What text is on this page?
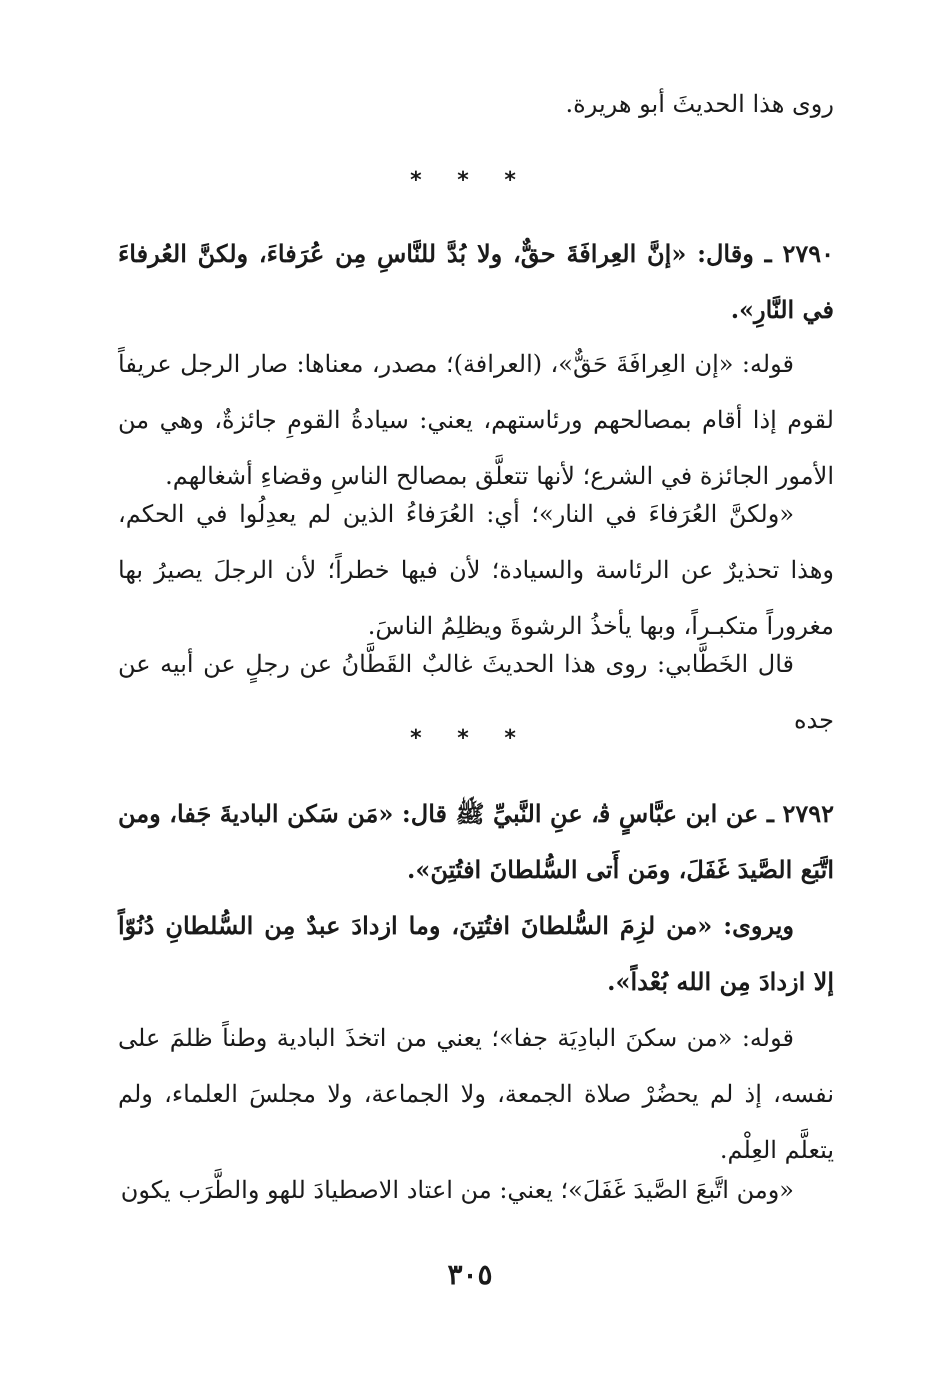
روى هذا الحديثَ أبو هريرة.

* * *

٢٧٩٠ ـ وقال: «إنَّ العِرافَةَ حقٌّ، ولا بُدَّ للنَّاسِ مِن عُرَفاءَ، ولكنَّ العُرفاءَ في النَّارِ».

قوله: «إن العِرافَةَ حَقٌّ»، (العرافة)؛ مصدر، معناها: صار الرجل عريفاً لقوم إذا أقام بمصالحهم ورئاستهم، يعني: سيادةُ القومِ جائزةٌ، وهي من الأمور الجائزة في الشرع؛ لأنها تتعلَّق بمصالح الناسِ وقضاءِ أشغالهم.

«ولكنَّ العُرَفاءَ في النار»؛ أي: العُرَفاءُ الذين لم يعدِلُوا في الحكم، وهذا تحذيرٌ عن الرئاسة والسيادة؛ لأن فيها خطراً؛ لأن الرجلَ يصيرُ بها مغروراً متكبـراً، وبها يأخذُ الرشوةَ ويظلِمُ الناسَ.

قال الخَطَّابي: روى هذا الحديثَ غالبٌ القَطَّانُ عن رجلٍ عن أبيه عن جده

* * *

٢٧٩٢ ـ عن ابن عبَّاسٍ ﭬ، عنِ النَّبيِّ ﷺ قال: «مَن سَكن الباديةَ جَفا، ومن اتَّبَع الصَّيدَ غَفَلَ، ومَن أَتى السُّلطانَ افتُتِنَ».

ويروى: «من لزِمَ السُّلطانَ افتُتِنَ، وما ازدادَ عبدٌ مِن السُّلطانِ دُنُوّاً إلا ازدادَ مِن الله بُعْداً».

قوله: «من سكنَ البادِيَة جفا»؛ يعني من اتخذَ البادية وطناً ظلمَ على نفسه، إذ لم يحضُرْ صلاة الجمعة، ولا الجماعة، ولا مجلسَ العلماء، ولم يتعلَّم العِلْم.

«ومن اتَّبعَ الصَّيدَ غَفَلَ»؛ يعني: من اعتاد الاصطيادَ للهو والطَّرَب يكون

٣٠٥
